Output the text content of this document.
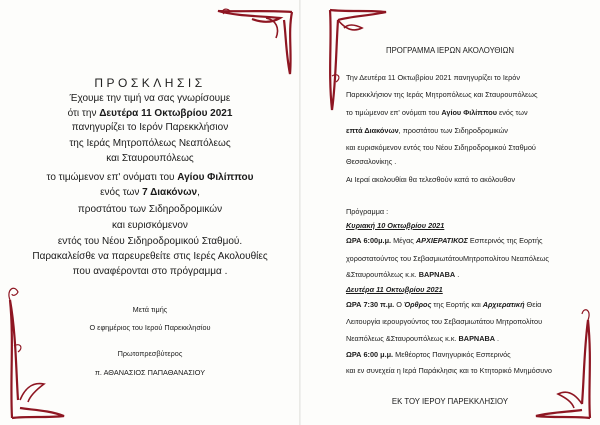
ΠΡΟΣΚΛΗΣΙΣ
Έχουμε την τιμή να σας γνωρίσουμε
ότι την Δευτέρα 11 Οκτωβρίου 2021
πανηγυρίζει το Ιερόν Παρεκκλήσιον
της Ιεράς Μητροπόλεως Νεαπόλεως
και Σταυρουπόλεως
το τιμώμενον επ' ονόματι του Αγίου Φιλίππου
ενός των 7 Διακόνων,
προστάτου των Σιδηροδρομικών
και ευρισκόμενον
εντός του Νέου Σιδηροδρομικού Σταθμού.
Παρακαλείσθε να παρευρεθείτε στις Ιερές Ακολουθίες
που αναφέρονται στο πρόγραμμα .
Μετά τιμής
Ο εφημέριος του Ιερού Παρεκκλησίου
Πρωτοπρεσβύτερος
π. ΑΘΑΝΑΣΙΟΣ ΠΑΠΑΘΑΝΑΣΙΟΥ
ΠΡΟΓΡΑΜΜΑ ΙΕΡΩΝ ΑΚΟΛΟΥΘΙΩΝ
Την Δευτέρα 11 Οκτωβρίου 2021 πανηγυρίζει το Ιερόν
Παρεκκλήσιον της Ιεράς Μητροπόλεως και Σταυρουπόλεως
το τιμώμενον επ' ονόματι του Αγίου Φιλίππου ενός των
επτά Διακόνων, προστάτου των Σιδηροδρομικών
και ευρισκόμενον εντός του Νέου Σιδηροδρομικού Σταθμού
Θεσσαλονίκης .
Αι Ιεραί ακολουθίαι θα τελεσθούν κατά το ακόλουθον
Πρόγραμμα :
Κυριακή 10 Οκτωβρίου 2021
ΩΡΑ 6:00μ.μ. Μέγας ΑΡΧΙΕΡΑΤΙΚΟΣ Εσπερινός της Εορτής
χοροστατούντος του ΣεβασμιωτάτουΜητροπολίτου Νεαπόλεως
&Σταυρουπόλεως κ.κ. ΒΑΡΝΑΒΑ .
Δευτέρα 11 Οκτωβρίου 2021
ΩΡΑ 7:30 π.μ. Ο Όρθρος της Εορτής και Αρχιερατική Θεία
Λειτουργία ιερουργούντος του Σεβασμιωτάτου Μητροπολίτου
Νεαπόλεως &Σταυρουπόλεως κ.κ. ΒΑΡΝΑΒΑ .
ΩΡΑ 6:00 μ.μ. Μεθέορτος Πανηγυρικός Εσπερινός
και εν συνεχεία η Ιερά Παράκλησις και το Κτητορικό Μνημόσυνο
ΕΚ ΤΟΥ ΙΕΡΟΥ ΠΑΡΕΚΚΛΗΣΙΟΥ
